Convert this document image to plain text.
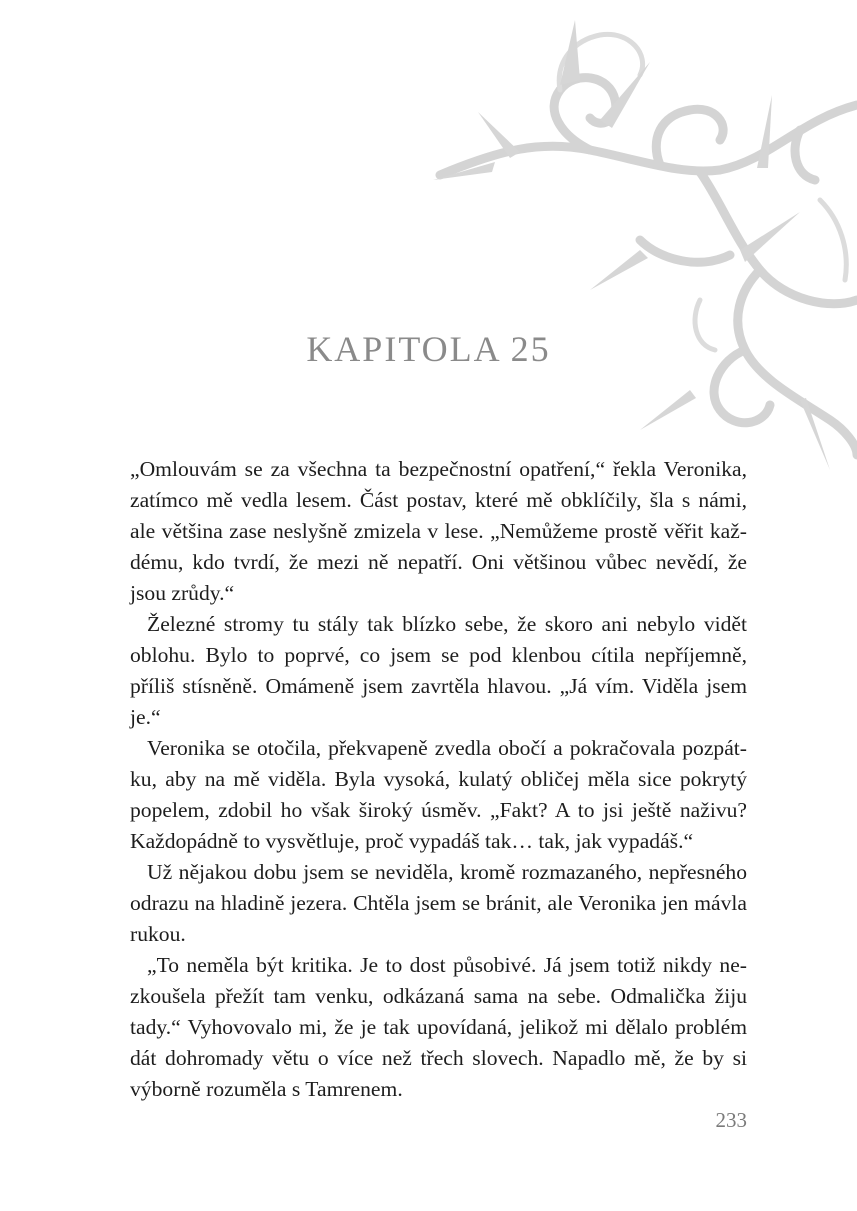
KAPITOLA 25

„Omlouvám se za všechna ta bezpečnostní opatření,“ řekla Veronika, zatímco mě vedla lesem. Část postav, které mě obklíčily, šla s námi, ale většina zase neslyšně zmizela v lese. „Nemůžeme prostě věřit každému, kdo tvrdí, že mezi ně nepatří. Oni většinou vůbec nevědí, že jsou zrůdy.“

Železné stromy tu stály tak blízko sebe, že skoro ani nebylo vidět oblohu. Bylo to poprvé, co jsem se pod klenbou cítila nepříjemně, příliš stísněně. Omámeně jsem zavrtěla hlavou. „Já vím. Viděla jsem je.“

Veronika se otočila, překvapeně zvedla obočí a pokračovala pozpátku, aby na mě viděla. Byla vysoká, kulatý obličej měla sice pokrytý popelem, zdobil ho však široký úsměv. „Fakt? A to jsi ještě naživu? Každopádně to vysvětluje, proč vypadáš tak… tak, jak vypadáš.“

Už nějakou dobu jsem se neviděla, kromě rozmazaného, nepřesného odrazu na hladině jezera. Chtěla jsem se bránit, ale Veronika jen mávla rukou.

„To neměla být kritika. Je to dost působivé. Já jsem totiž nikdy nezkoušela přežít tam venku, odkázaná sama na sebe. Odmalička žiju tady.“ Vyhovovalo mi, že je tak upovídaná, jelikož mi dělalo problém dát dohromady větu o více než třech slovech. Napadlo mě, že by si výborně rozuměla s Tamrenem.

233
